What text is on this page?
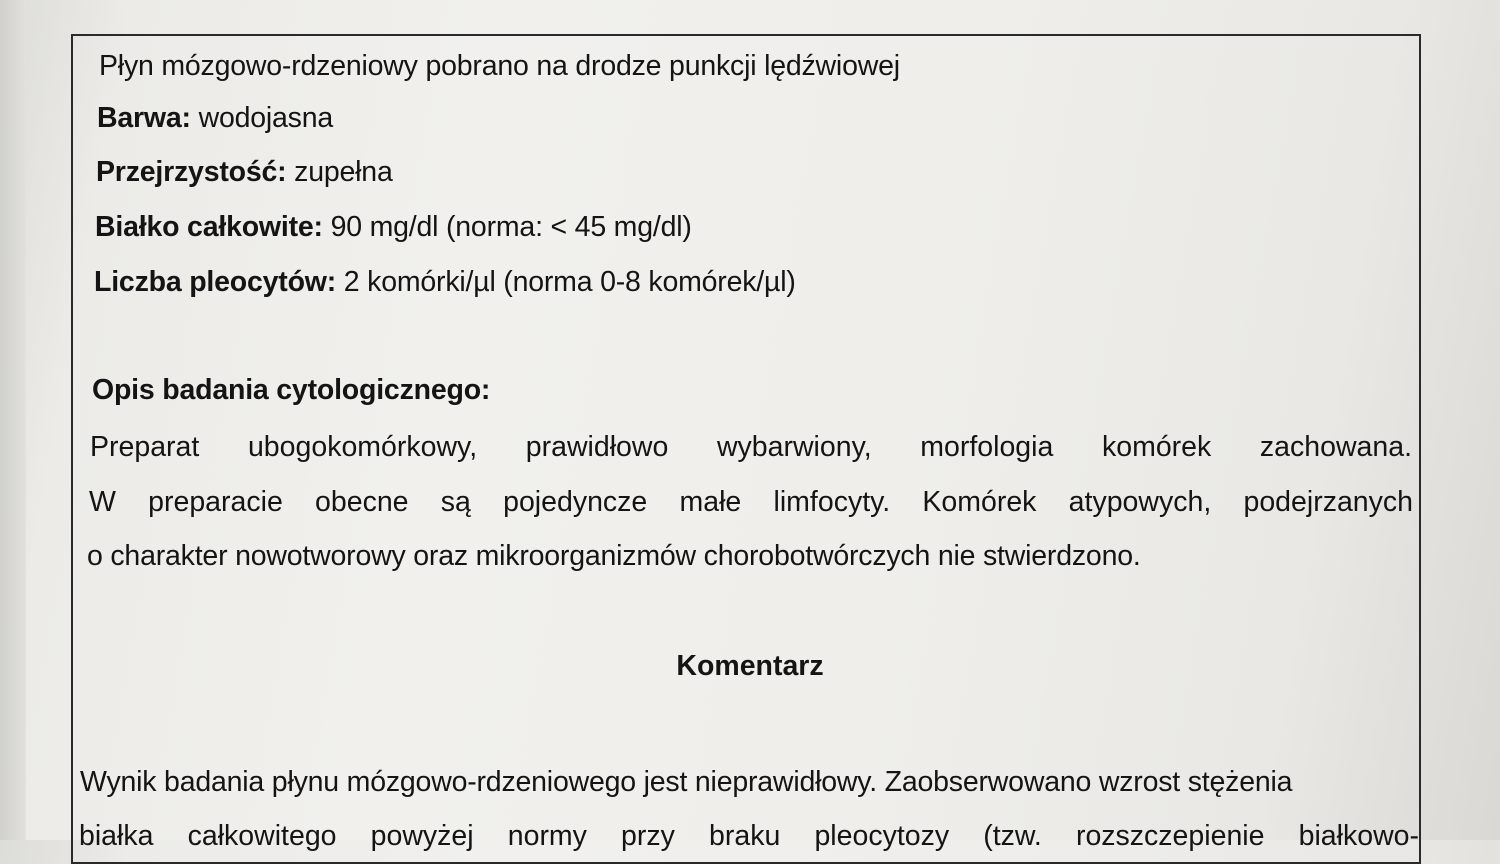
Płyn mózgowo-rdzeniowy pobrano na drodze punkcji lędźwiowej
Barwa: wodojasna
Przejrzystość: zupełna
Białko całkowite: 90 mg/dl (norma: < 45 mg/dl)
Liczba pleocytów: 2 komórki/µl (norma 0-8 komórek/µl)
Opis badania cytologicznego:
Preparat ubogokomórkowy, prawidłowo wybarwiony, morfologia komórek zachowana.
W preparacie obecne są pojedyncze małe limfocyty. Komórek atypowych, podejrzanych
o charakter nowotworowy oraz mikroorganizmów chorobotwórczych nie stwierdzono.
Komentarz
Wynik badania płynu mózgowo-rdzeniowego jest nieprawidłowy. Zaobserwowano wzrost stężenia
białka całkowitego powyżej normy przy braku pleocytozy (tzw. rozszczepienie białkowo-
